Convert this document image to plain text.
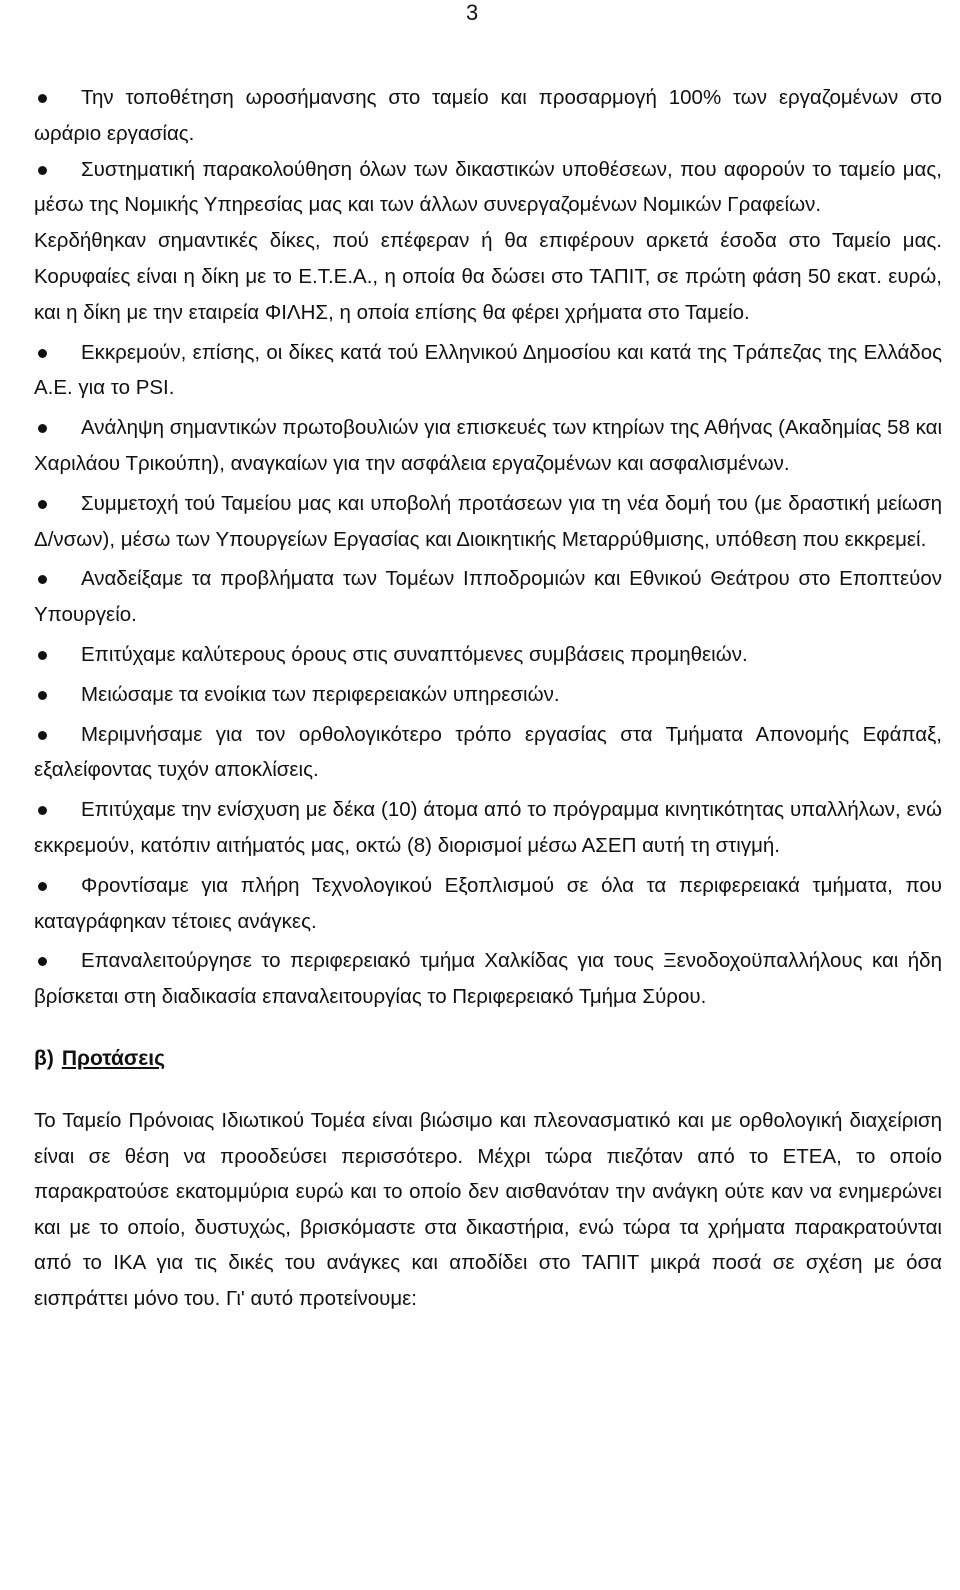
3
Την τοποθέτηση ωροσήμανσης στο ταμείο και προσαρμογή 100% των εργαζομένων στο ωράριο εργασίας.
Συστηματική παρακολούθηση όλων των δικαστικών υποθέσεων, που αφορούν το ταμείο μας, μέσω της Νομικής Υπηρεσίας μας και των άλλων συνεργαζομένων Νομικών Γραφείων.
Κερδήθηκαν σημαντικές δίκες, πού επέφεραν ή θα επιφέρουν αρκετά έσοδα στο Ταμείο μας. Κορυφαίες είναι η δίκη με το Ε.Τ.Ε.Α., η οποία θα δώσει στο ΤΑΠΙΤ, σε πρώτη φάση 50 εκατ. ευρώ, και η δίκη με την εταιρεία ΦΙΛΗΣ, η οποία επίσης θα φέρει χρήματα στο Ταμείο.
Εκκρεμούν, επίσης, οι δίκες κατά τού Ελληνικού Δημοσίου και κατά της Τράπεζας της Ελλάδος Α.Ε. για το PSI.
Ανάληψη σημαντικών πρωτοβουλιών για επισκευές των κτηρίων της Αθήνας (Ακαδημίας 58 και Χαριλάου Τρικούπη), αναγκαίων για την ασφάλεια εργαζομένων και ασφαλισμένων.
Συμμετοχή τού Ταμείου μας και υποβολή προτάσεων για τη νέα δομή του (με δραστική μείωση Δ/νσων), μέσω των Υπουργείων Εργασίας και Διοικητικής Μεταρρύθμισης, υπόθεση που εκκρεμεί.
Αναδείξαμε τα προβλήματα των Τομέων Ιπποδρομιών και Εθνικού Θεάτρου στο Εποπτεύον Υπουργείο.
Επιτύχαμε καλύτερους όρους στις συναπτόμενες συμβάσεις προμηθειών.
Μειώσαμε τα ενοίκια των περιφερειακών υπηρεσιών.
Μεριμνήσαμε για τον ορθολογικότερο τρόπο εργασίας στα Τμήματα Απονομής Εφάπαξ, εξαλείφοντας τυχόν αποκλίσεις.
Επιτύχαμε την ενίσχυση με δέκα (10) άτομα από το πρόγραμμα κινητικότητας υπαλλήλων, ενώ εκκρεμούν, κατόπιν αιτήματός μας, οκτώ (8) διορισμοί μέσω ΑΣΕΠ αυτή τη στιγμή.
Φροντίσαμε για πλήρη Τεχνολογικού Εξοπλισμού σε όλα τα περιφερειακά τμήματα, που καταγράφηκαν τέτοιες ανάγκες.
Επαναλειτούργησε το περιφερειακό τμήμα Χαλκίδας για τους Ξενοδοχοϋπαλλήλους και ήδη βρίσκεται στη διαδικασία επαναλειτουργίας το Περιφερειακό Τμήμα Σύρου.
β) Προτάσεις
Το Ταμείο Πρόνοιας Ιδιωτικού Τομέα είναι βιώσιμο και πλεονασματικό και με ορθολογική διαχείριση είναι σε θέση να προοδεύσει περισσότερο. Μέχρι τώρα πιεζόταν από το ΕΤΕΑ, το οποίο παρακρατούσε εκατομμύρια ευρώ και το οποίο δεν αισθανόταν την ανάγκη ούτε καν να ενημερώνει και με το οποίο, δυστυχώς, βρισκόμαστε στα δικαστήρια, ενώ τώρα τα χρήματα παρακρατούνται από το ΙΚΑ για τις δικές του ανάγκες και αποδίδει στο ΤΑΠΙΤ μικρά ποσά σε σχέση με όσα εισπράττει μόνο του. Γι' αυτό προτείνουμε:
